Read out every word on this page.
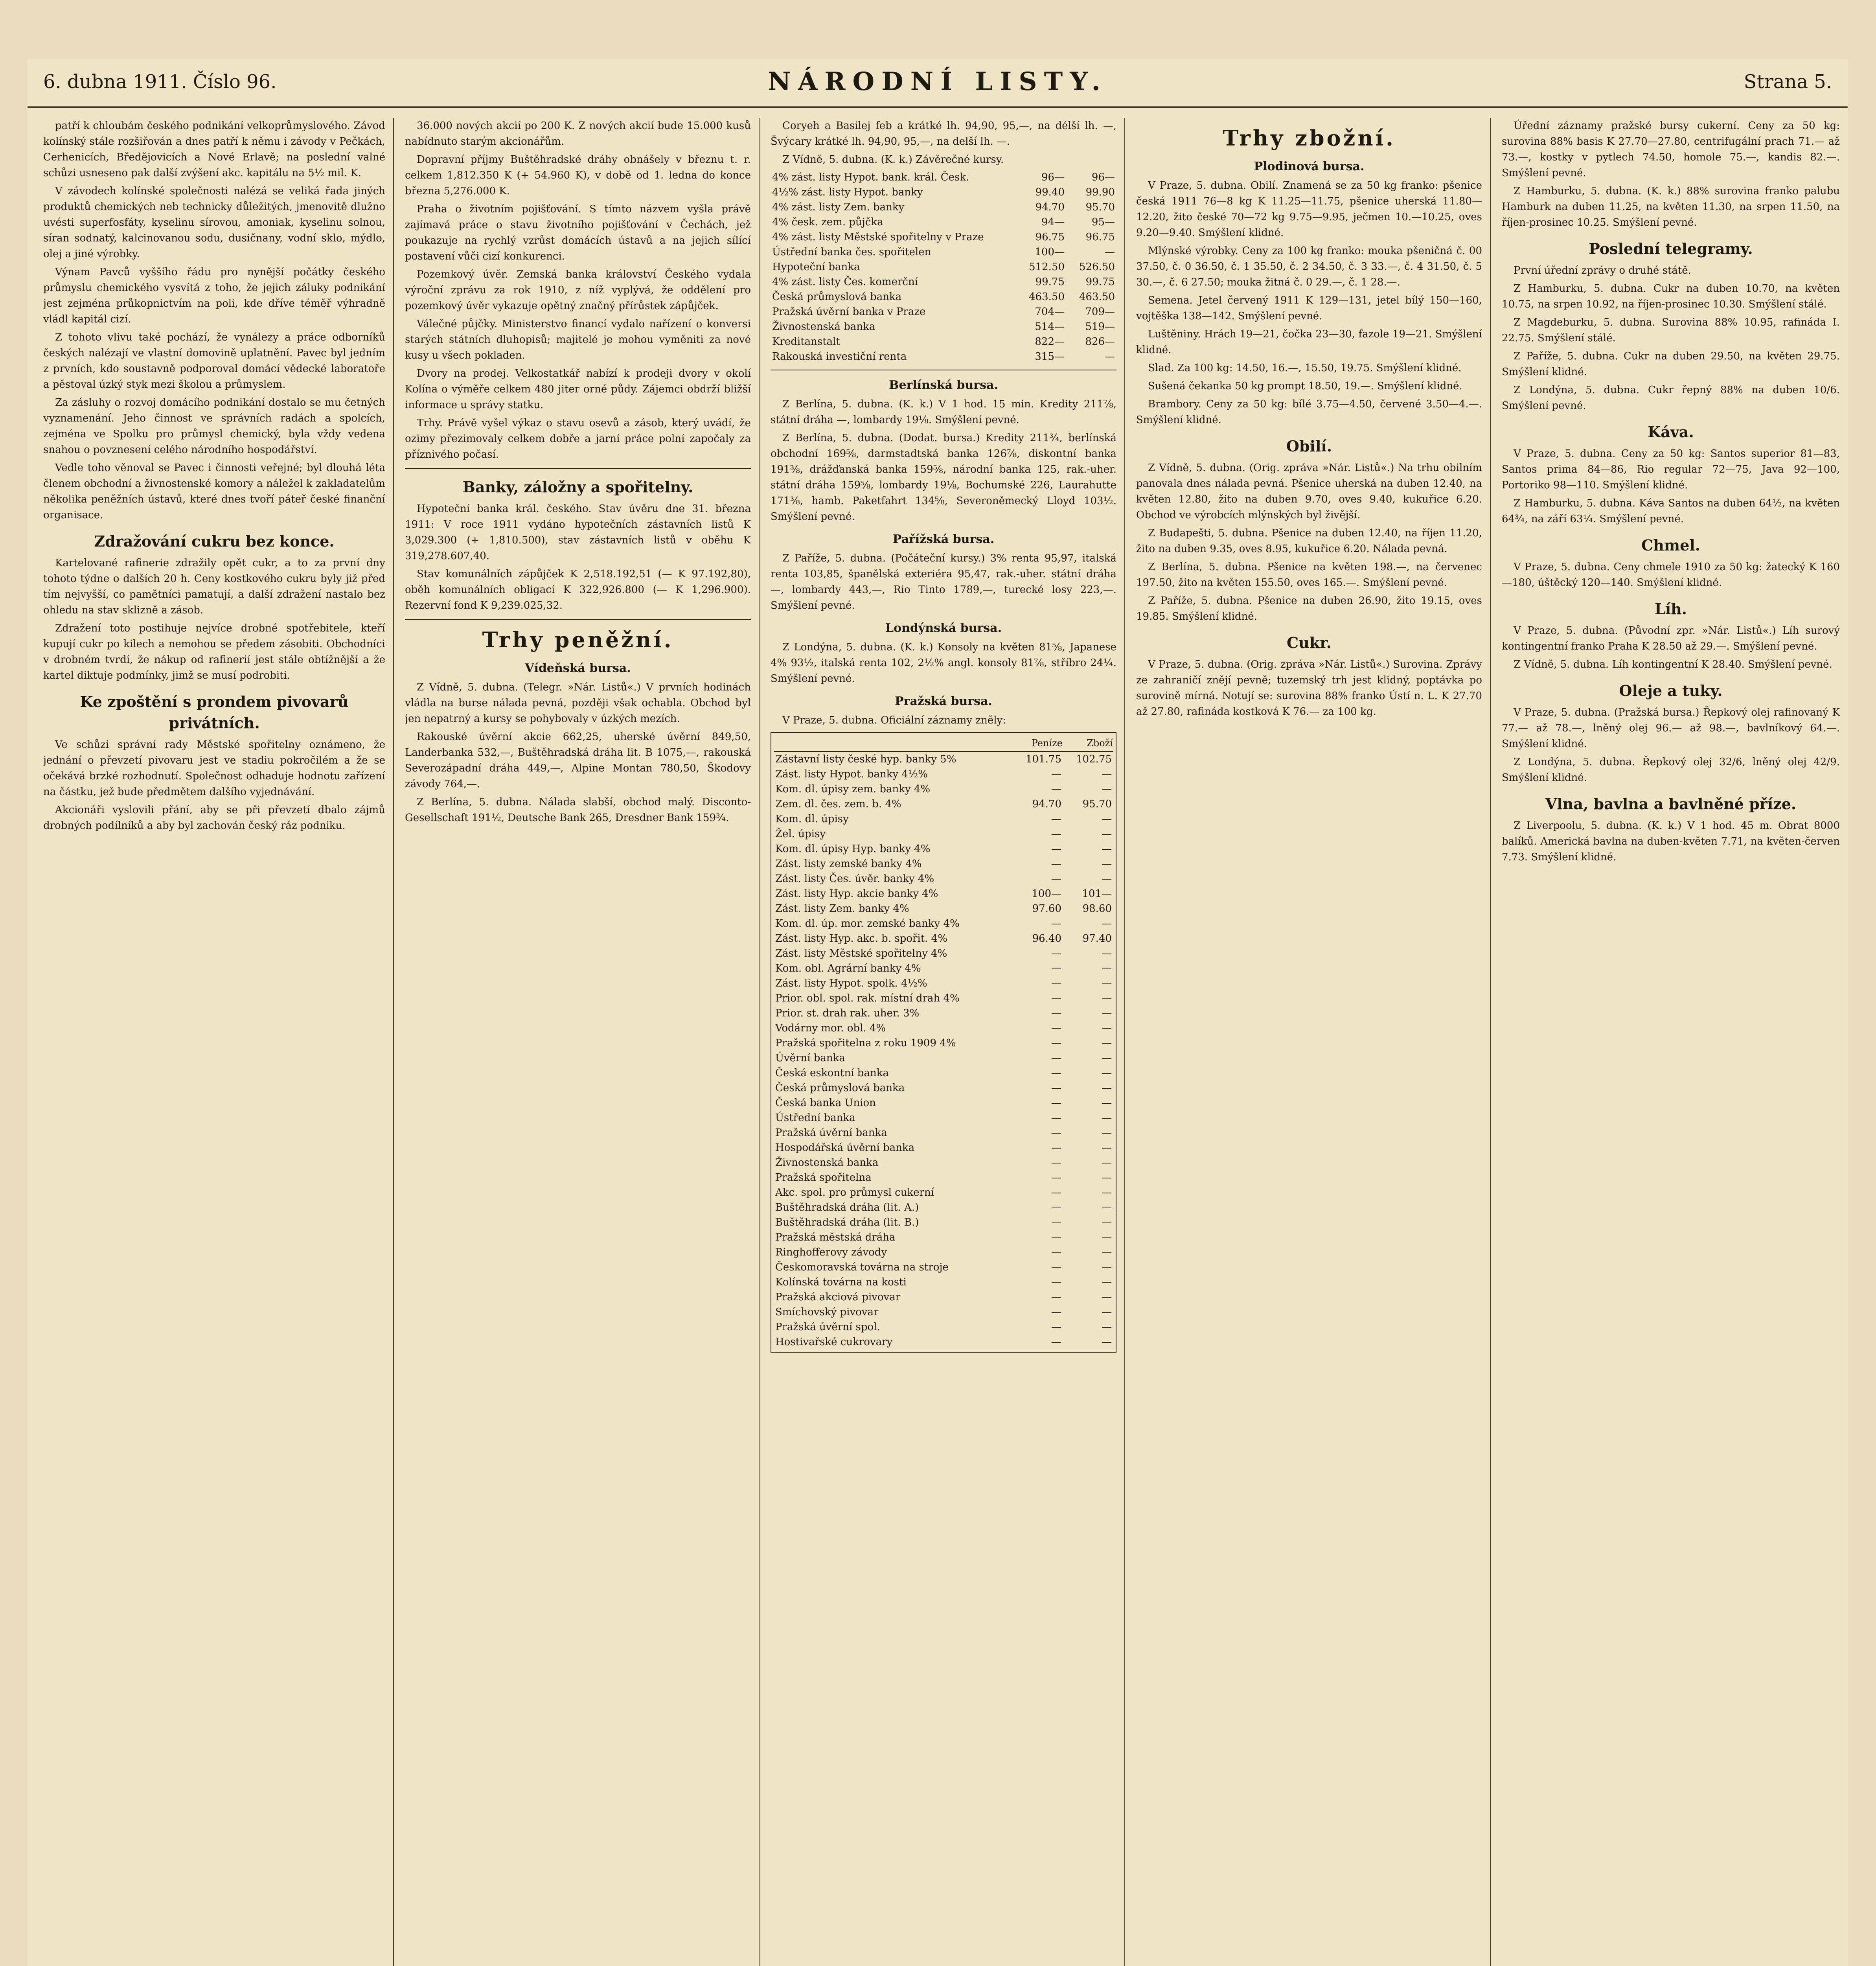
6. dubna 1911. Číslo 96.	NÁRODNÍ LISTY.	Strana 5.

patří k chloubám českého podnikání velkoprůmyslového. Závod kolínský stále rozšiřován a dnes patří k němu i závody v Pečkách, Cerhenicích, Bředějovicích a Nové Erlavě; na poslední valné schůzi usneseno pak další zvýšení akc. kapitálu na 5½ mil. K.

V závodech kolínské společnosti nalézá se veliká řada jiných produktů chemických neb technicky důležitých, jmenovitě dlužno uvésti superfosfáty, kyselinu sírovou, amoniak, kyselinu solnou, síran sodnatý, kalcinovanou sodu, dusičnany, vodní sklo, mýdlo, olej a jiné výrobky.

Výnam Pavců vyššího řádu pro nynější počátky českého průmyslu chemického vysvítá z toho, že jejich záluky podnikání jest zejména průkopnictvím na poli, kde dříve téměř výhradně vládl kapitál cizí.

Z tohoto vlivu také pochází, že vynálezy a práce odborníků českých nalézají ve vlastní domovině uplatnění. Pavec byl jedním z prvních, kdo soustavně podporoval domácí vědecké laboratoře a pěstoval úzký styk mezi školou a průmyslem.

Za zásluhy o rozvoj domácího podnikání dostalo se mu četných vyznamenání. Jeho činnost ve správních radách a spolcích, zejména ve Spolku pro průmysl chemický, byla vždy vedena snahou o povznesení celého národního hospodářství.

Vedle toho věnoval se Pavec i činnosti veřejné; byl dlouhá léta členem obchodní a živnostenské komory a náležel k zakladatelům několika peněžních ústavů, které dnes tvoří páteř české finanční organisace.

Zdražování cukru bez konce.

Kartelované rafinerie zdražily opět cukr, a to za první dny tohoto týdne o dalších 20 h. Ceny kostkového cukru byly již před tím nejvyšší, co pamětníci pamatují, a další zdražení nastalo bez ohledu na stav sklizně a zásob.

Zdražení toto postihuje nejvíce drobné spotřebitele, kteří kupují cukr po kilech a nemohou se předem zásobiti. Obchodníci v drobném tvrdí, že nákup od rafinerií jest stále obtížnější a že kartel diktuje podmínky, jimž se musí podrobiti.

Ke zpoštění s prondem pivovarů privátních.

Ve schůzi správní rady Městské spořitelny oznámeno, že jednání o převzetí pivovaru jest ve stadiu pokročilém a že se očekává brzké rozhodnutí. Společnost odhaduje hodnotu zařízení na částku, jež bude předmětem dalšího vyjednávání.

Akcionáři vyslovili přání, aby se při převzetí dbalo zájmů drobných podílníků a aby byl zachován český ráz podniku.

36.000 nových akcií po 200 K. Z nových akcií bude 15.000 kusů nabídnuto starým akcionářům.

Dopravní příjmy Buštěhradské dráhy obnášely v březnu t. r. celkem 1,812.350 K (+ 54.960 K), v době od 1. ledna do konce března 5,276.000 K.

Praha o životním pojišťování. S tímto názvem vyšla právě zajímavá práce o stavu životního pojišťování v Čechách, jež poukazuje na rychlý vzrůst domácích ústavů a na jejich sílící postavení vůči cizí konkurenci.

Pozemkový úvěr. Zemská banka království Českého vydala výroční zprávu za rok 1910, z níž vyplývá, že oddělení pro pozemkový úvěr vykazuje opětný značný přírůstek zápůjček.

Válečné půjčky. Ministerstvo financí vydalo nařízení o konversi starých státních dluhopisů; majitelé je mohou vyměniti za nové kusy u všech pokladen.

Dvory na prodej. Velkostatkář nabízí k prodeji dvory v okolí Kolína o výměře celkem 480 jiter orné půdy. Zájemci obdrží bližší informace u správy statku.

Trhy. Právě vyšel výkaz o stavu osevů a zásob, který uvádí, že ozimy přezimovaly celkem dobře a jarní práce polní započaly za příznivého počasí.

Banky, záložny a spořitelny.

Hypoteční banka král. českého. Stav úvěru dne 31. března 1911: V roce 1911 vydáno hypotečních zástavních listů K 3,029.300 (+ 1,810.500), stav zástavních listů v oběhu K 319,278.607,40.

Stav komunálních zápůjček K 2,518.192,51 (— K 97.192,80), oběh komunálních obligací K 322,926.800 (— K 1,296.900). Rezervní fond K 9,239.025,32.

Trhy peněžní.
Vídeňská bursa.

Z Vídně, 5. dubna. (Telegr. »Nár. Listů«.) V prvních hodinách vládla na burse nálada pevná, později však ochabla. Obchod byl jen nepatrný a kursy se pohybovaly v úzkých mezích.

Rakouské úvěrní akcie 662,25, uherské úvěrní 849,50, Landerbanka 532,—, Buštěhradská dráha lit. B 1075,—, rakouská Severozápadní dráha 449,—, Alpine Montan 780,50, Škodovy závody 764,—.

Z Berlína, 5. dubna. Nálada slabší, obchod malý. Disconto-Gesellschaft 191½, Deutsche Bank 265, Dresdner Bank 159¾.

Coryeh a Basilej feb a krátké lh. 94,90, 95,—, na délší lh. —, Švýcary krátké lh. 94,90, 95,—, na delší lh. —.

Z Vídně, 5. dubna. (K. k.) Závěrečné kursy.

4% zást. listy Hypot. bank. král. Česk.	96—	96—
4½% zást. listy Hypot. banky	99.40	99.90
4% zást. listy Zem. banky	94.70	95.70
4% česk. zem. půjčka	94—	95—
4% zást. listy Městské spořitelny v Praze	96.75	96.75
Ústřední banka čes. spořitelen	100—	—
Hypoteční banka	512.50	526.50
4% zást. listy Čes. komerční	99.75	99.75
Česká průmyslová banka	463.50	463.50
Pražská úvěrní banka v Praze	704—	709—
Živnostenská banka	514—	519—
Kreditanstalt	822—	826—
Rakouská investiční renta	315—	—
Berlínská bursa.

Z Berlína, 5. dubna. (K. k.) V 1 hod. 15 min. Kredity 211⅞, státní dráha —, lombardy 19⅛. Smýšlení pevné.

Z Berlína, 5. dubna. (Dodat. bursa.) Kredity 211¾, berlínská obchodní 169⅝, darmstadtská banka 126⅞, diskontní banka 191⅜, drážďanská banka 159⅝, národní banka 125, rak.-uher. státní dráha 159⅝, lombardy 19⅛, Bochumské 226, Laurahutte 171⅜, hamb. Paketfahrt 134⅝, Severoněmecký Lloyd 103½. Smýšlení pevné.

Pařížská bursa.

Z Paříže, 5. dubna. (Počáteční kursy.) 3% renta 95,97, italská renta 103,85, španělská exteriéra 95,47, rak.-uher. státní dráha —, lombardy 443,—, Rio Tinto 1789,—, turecké losy 223,—. Smýšlení pevné.

Londýnská bursa.

Z Londýna, 5. dubna. (K. k.) Konsoly na květen 81⅝, Japanese 4% 93½, italská renta 102, 2½% angl. konsoly 81⅞, stříbro 24¼. Smýšlení pevné.

Pražská bursa.

V Praze, 5. dubna. Oficiální záznamy zněly:

	Peníze	Zboží
Zástavní listy české hyp. banky 5%	101.75	102.75
Zást. listy Hypot. banky 4½%	—	—
Kom. dl. úpisy zem. banky 4%	—	—
Zem. dl. čes. zem. b. 4%	94.70	95.70
Kom. dl. úpisy	—	—
Žel. úpisy	—	—
Kom. dl. úpisy Hyp. banky 4%	—	—
Zást. listy zemské banky 4%	—	—
Zást. listy Čes. úvěr. banky 4%	—	—
Zást. listy Hyp. akcie banky 4%	100—	101—
Zást. listy Zem. banky 4%	97.60	98.60
Kom. dl. úp. mor. zemské banky 4%	—	—
Zást. listy Hyp. akc. b. spořit. 4%	96.40	97.40
Zást. listy Městské spořitelny 4%	—	—
Kom. obl. Agrární banky 4%	—	—
Zást. listy Hypot. spolk. 4½%	—	—
Prior. obl. spol. rak. místní drah 4%	—	—
Prior. st. drah rak. uher. 3%	—	—
Vodárny mor. obl. 4%	—	—
Pražská spořitelna z roku 1909 4%	—	—
Úvěrní banka	—	—
Česká eskontní banka	—	—
Česká průmyslová banka	—	—
Česká banka Union	—	—
Ústřední banka	—	—
Pražská úvěrní banka	—	—
Hospodářská úvěrní banka	—	—
Živnostenská banka	—	—
Pražská spořitelna	—	—
Akc. spol. pro průmysl cukerní	—	—
Buštěhradská dráha (lit. A.)	—	—
Buštěhradská dráha (lit. B.)	—	—
Pražská městská dráha	—	—
Ringhofferovy závody	—	—
Českomoravská továrna na stroje	—	—
Kolínská továrna na kosti	—	—
Pražská akciová pivovar	—	—
Smíchovský pivovar	—	—
Pražská úvěrní spol.	—	—
Hostivařské cukrovary	—	—
Trhy zbožní.
Plodinová bursa.

V Praze, 5. dubna. Obilí. Znamená se za 50 kg franko: pšenice česká 1911 76—8 kg K 11.25—11.75, pšenice uherská 11.80—12.20, žito české 70—72 kg 9.75—9.95, ječmen 10.—10.25, oves 9.20—9.40. Smýšlení klidné.

Mlýnské výrobky. Ceny za 100 kg franko: mouka pšeničná č. 00 37.50, č. 0 36.50, č. 1 35.50, č. 2 34.50, č. 3 33.—, č. 4 31.50, č. 5 30.—, č. 6 27.50; mouka žitná č. 0 29.—, č. 1 28.—.

Semena. Jetel červený 1911 K 129—131, jetel bílý 150—160, vojtěška 138—142. Smýšlení pevné.

Luštěniny. Hrách 19—21, čočka 23—30, fazole 19—21. Smýšlení klidné.

Slad. Za 100 kg: 14.50, 16.—, 15.50, 19.75. Smýšlení klidné.

Sušená čekanka 50 kg prompt 18.50, 19.—. Smýšlení klidné.

Brambory. Ceny za 50 kg: bílé 3.75—4.50, červené 3.50—4.—. Smýšlení klidné.

Obilí.

Z Vídně, 5. dubna. (Orig. zpráva »Nár. Listů«.) Na trhu obilním panovala dnes nálada pevná. Pšenice uherská na duben 12.40, na květen 12.80, žito na duben 9.70, oves 9.40, kukuřice 6.20. Obchod ve výrobcích mlýnských byl živější.

Z Budapešti, 5. dubna. Pšenice na duben 12.40, na říjen 11.20, žito na duben 9.35, oves 8.95, kukuřice 6.20. Nálada pevná.

Z Berlína, 5. dubna. Pšenice na květen 198.—, na červenec 197.50, žito na květen 155.50, oves 165.—. Smýšlení pevné.

Z Paříže, 5. dubna. Pšenice na duben 26.90, žito 19.15, oves 19.85. Smýšlení klidné.

Cukr.

V Praze, 5. dubna. (Orig. zpráva »Nár. Listů«.) Surovina. Zprávy ze zahraničí znějí pevně; tuzemský trh jest klidný, poptávka po surovině mírná. Notují se: surovina 88% franko Ústí n. L. K 27.70 až 27.80, rafináda kostková K 76.— za 100 kg.

Úřední záznamy pražské bursy cukerní. Ceny za 50 kg: surovina 88% basis K 27.70—27.80, centrifugální prach 71.— až 73.—, kostky v pytlech 74.50, homole 75.—, kandis 82.—. Smýšlení pevné.

Z Hamburku, 5. dubna. (K. k.) 88% surovina franko palubu Hamburk na duben 11.25, na květen 11.30, na srpen 11.50, na říjen-prosinec 10.25. Smýšlení pevné.

Poslední telegramy.

První úřední zprávy o druhé státě.

Z Hamburku, 5. dubna. Cukr na duben 10.70, na květen 10.75, na srpen 10.92, na říjen-prosinec 10.30. Smýšlení stálé.

Z Magdeburku, 5. dubna. Surovina 88% 10.95, rafináda I. 22.75. Smýšlení stálé.

Z Paříže, 5. dubna. Cukr na duben 29.50, na květen 29.75. Smýšlení klidné.

Z Londýna, 5. dubna. Cukr řepný 88% na duben 10/6. Smýšlení pevné.

Káva.

V Praze, 5. dubna. Ceny za 50 kg: Santos superior 81—83, Santos prima 84—86, Rio regular 72—75, Java 92—100, Portoriko 98—110. Smýšlení klidné.

Z Hamburku, 5. dubna. Káva Santos na duben 64½, na květen 64¾, na září 63¼. Smýšlení pevné.

Chmel.

V Praze, 5. dubna. Ceny chmele 1910 za 50 kg: žatecký K 160—180, úštěcký 120—140. Smýšlení klidné.

Líh.

V Praze, 5. dubna. (Původní zpr. »Nár. Listů«.) Líh surový kontingentní franko Praha K 28.50 až 29.—. Smýšlení pevné.

Z Vídně, 5. dubna. Líh kontingentní K 28.40. Smýšlení pevné.

Oleje a tuky.

V Praze, 5. dubna. (Pražská bursa.) Řepkový olej rafinovaný K 77.— až 78.—, lněný olej 96.— až 98.—, bavlníkový 64.—. Smýšlení klidné.

Z Londýna, 5. dubna. Řepkový olej 32/6, lněný olej 42/9. Smýšlení klidné.

Vlna, bavlna a bavlněné příze.

Z Liverpoolu, 5. dubna. (K. k.) V 1 hod. 45 m. Obrat 8000 balíků. Americká bavlna na duben-květen 7.71, na květen-červen 7.73. Smýšlení klidné.
